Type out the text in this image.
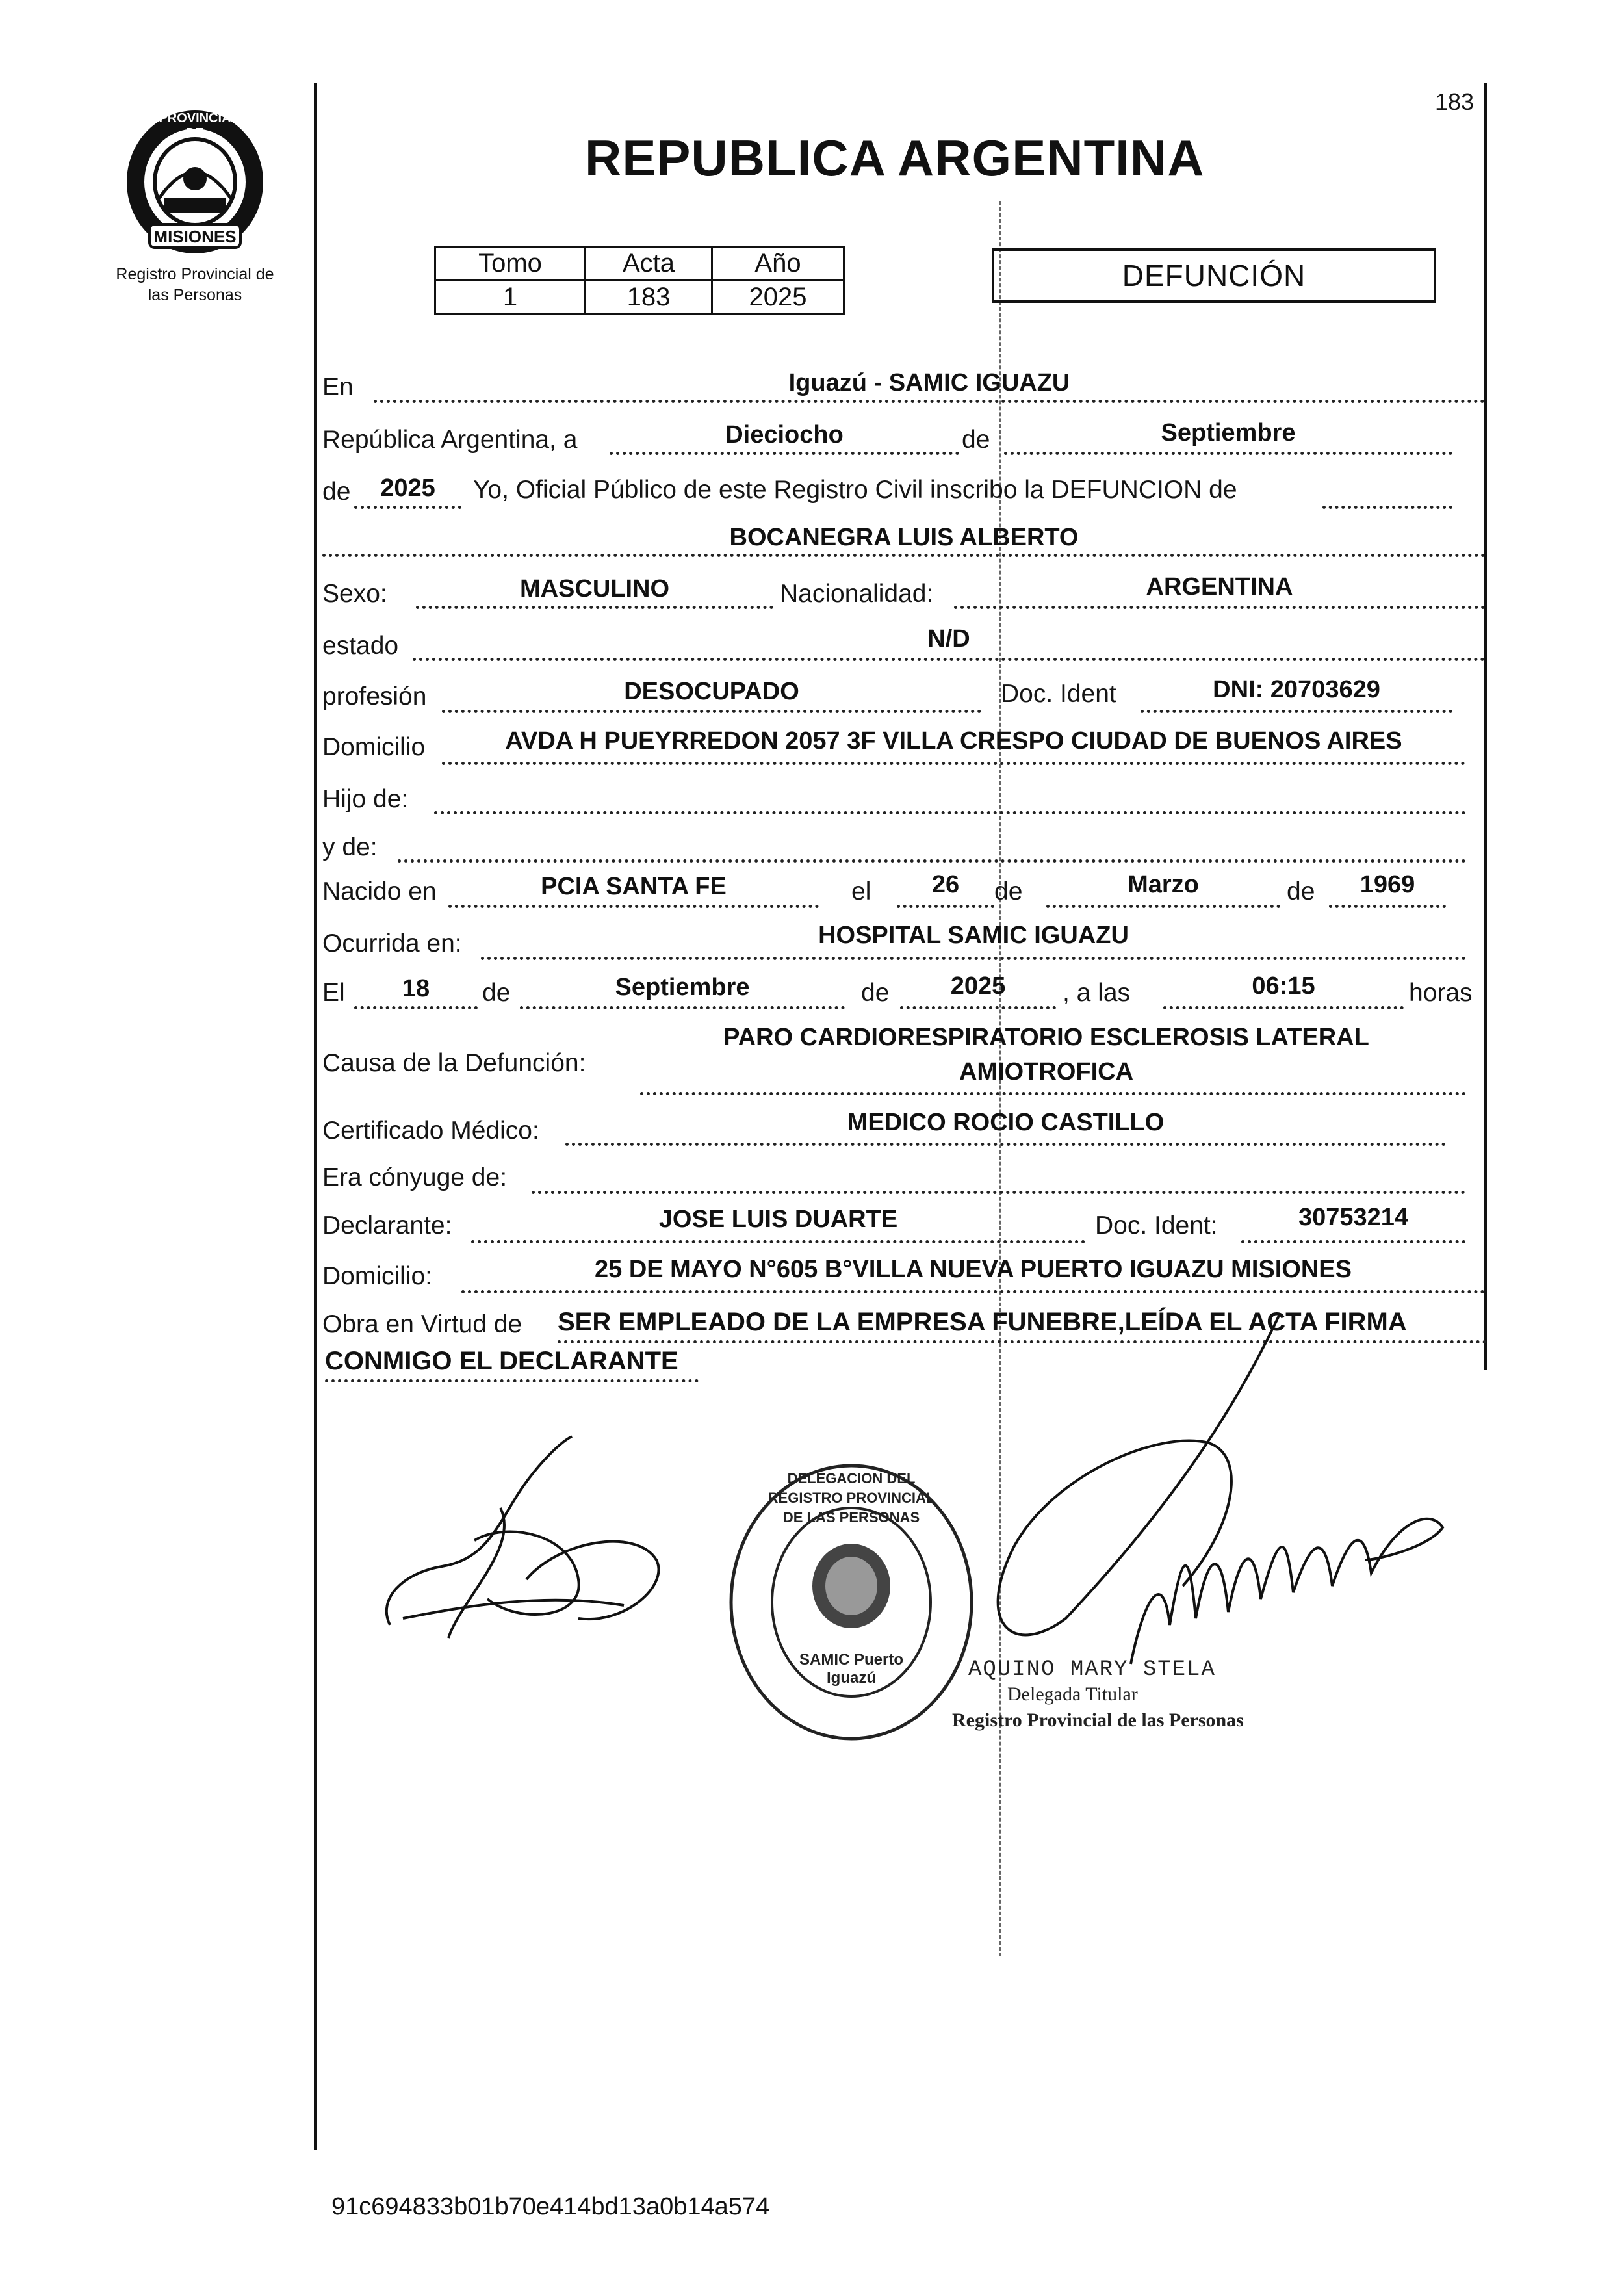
183
PROVINCIA DE
MISIONES
Registro Provincial de
las Personas
REPUBLICA ARGENTINA
Tomo	Acta	Año
1	183	2025
DEFUNCIÓN
En	Iguazú - SAMIC IGUAZU
República Argentina, a	Dieciocho	de	Septiembre
de	2025	Yo, Oficial Público de este Registro Civil inscribo la DEFUNCION de
BOCANEGRA LUIS ALBERTO
Sexo:	MASCULINO	Nacionalidad:	ARGENTINA
estado	N/D
profesión	DESOCUPADO	Doc. Ident	DNI: 20703629
Domicilio	AVDA H PUEYRREDON 2057 3F VILLA CRESPO CIUDAD DE BUENOS AIRES
Hijo de:
y de:
Nacido en	PCIA SANTA FE	el	26	de	Marzo	de	1969
Ocurrida en:	HOSPITAL SAMIC IGUAZU
El	18	de	Septiembre	de	2025	, a las	06:15	horas
Causa de la Defunción:
PARO CARDIORESPIRATORIO ESCLEROSIS LATERAL
AMIOTROFICA
Certificado Médico:	MEDICO ROCIO CASTILLO
Era cónyuge de:
Declarante:	JOSE LUIS DUARTE	Doc. Ident:	30753214
Domicilio:	25 DE MAYO N°605 B°VILLA NUEVA PUERTO IGUAZU MISIONES
Obra en Virtud de SER EMPLEADO DE LA EMPRESA FUNEBRE,LEÍDA EL ACTA FIRMA
CONMIGO EL DECLARANTE
DELEGACION DEL REGISTRO PROVINCIAL DE LAS PERSONAS
SAMIC Puerto Iguazú	AQUINO MARY STELA
Delegada Titular
Registro Provincial de las Personas
91c694833b01b70e414bd13a0b14a574
